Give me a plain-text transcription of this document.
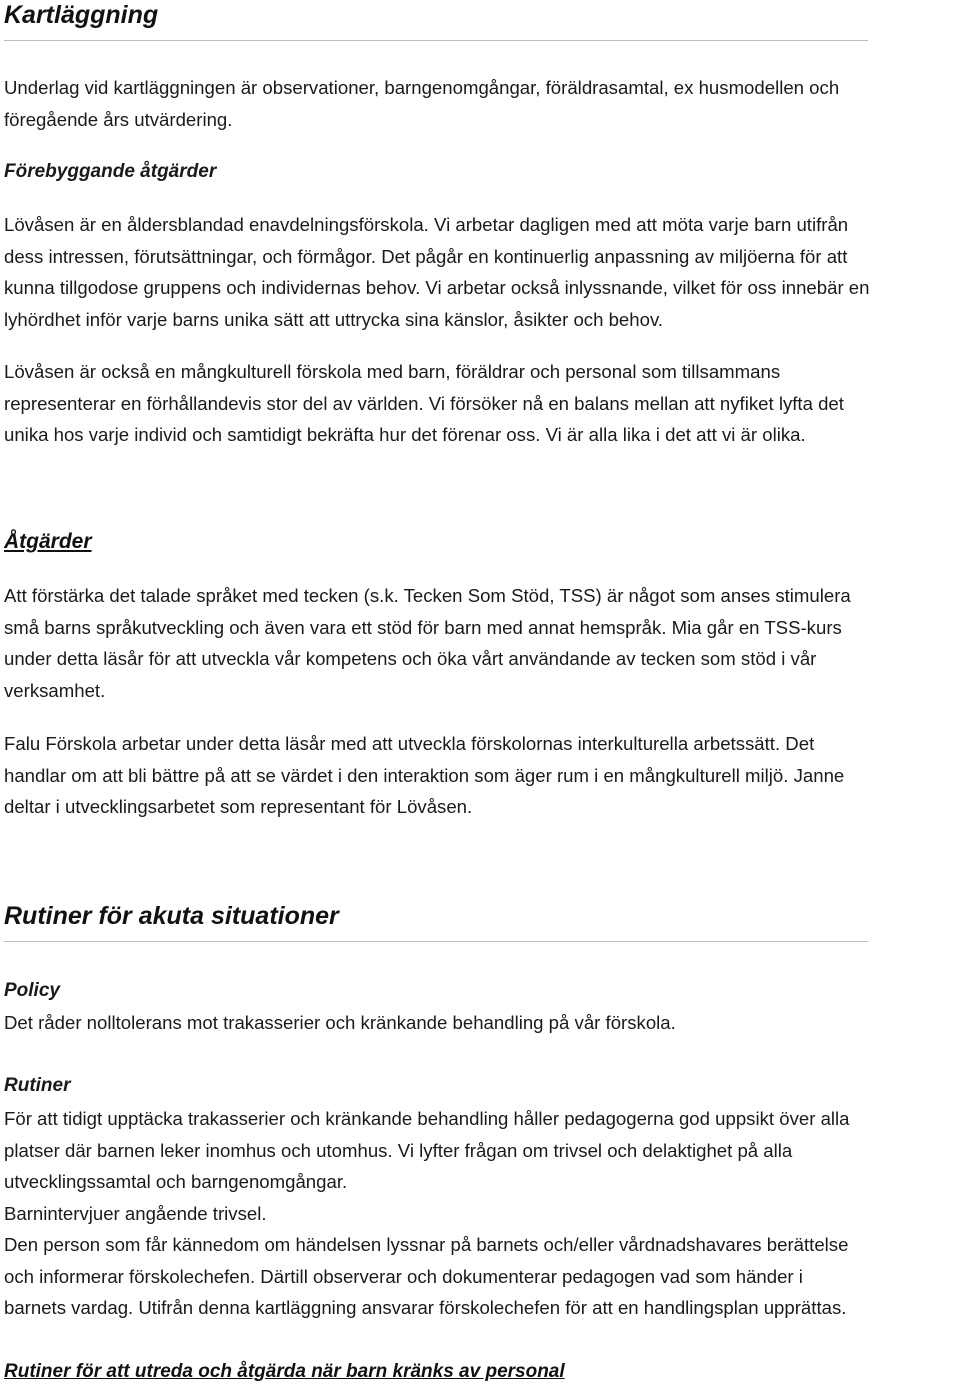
Kartläggning

Underlag vid kartläggningen är observationer, barngenomgångar, föräldrasamtal, ex husmodellen och
föregående års utvärdering.

Förebyggande åtgärder

Lövåsen är en åldersblandad enavdelningsförskola. Vi arbetar dagligen med att möta varje barn utifrån
dess intressen, förutsättningar, och förmågor. Det pågår en kontinuerlig anpassning av miljöerna för att
kunna tillgodose gruppens och individernas behov. Vi arbetar också inlyssnande, vilket för oss innebär en
lyhördhet inför varje barns unika sätt att uttrycka sina känslor, åsikter och behov.

Lövåsen är också en mångkulturell förskola med barn, föräldrar och personal som tillsammans
representerar en förhållandevis stor del av världen. Vi försöker nå en balans mellan att nyfiket lyfta det
unika hos varje individ och samtidigt bekräfta hur det förenar oss. Vi är alla lika i det att vi är olika.

Åtgärder

Att förstärka det talade språket med tecken (s.k. Tecken Som Stöd, TSS) är något som anses stimulera
små barns språkutveckling och även vara ett stöd för barn med annat hemspråk. Mia går en TSS-kurs
under detta läsår för att utveckla vår kompetens och öka vårt användande av tecken som stöd i vår
verksamhet.

Falu Förskola arbetar under detta läsår med att utveckla förskolornas interkulturella arbetssätt. Det
handlar om att bli bättre på att se värdet i den interaktion som äger rum i en mångkulturell miljö. Janne
deltar i utvecklingsarbetet som representant för Lövåsen.

Rutiner för akuta situationer
Policy

Det råder nolltolerans mot trakasserier och kränkande behandling på vår förskola.

Rutiner

För att tidigt upptäcka trakasserier och kränkande behandling håller pedagogerna god uppsikt över alla
platser där barnen leker inomhus och utomhus. Vi lyfter frågan om trivsel och delaktighet på alla
utvecklingssamtal och barngenomgångar.
Barnintervjuer angående trivsel.
Den person som får kännedom om händelsen lyssnar på barnets och/eller vårdnadshavares berättelse
och informerar förskolechefen. Därtill observerar och dokumenterar pedagogen vad som händer i
barnets vardag. Utifrån denna kartläggning ansvarar förskolechefen för att en handlingsplan upprättas.

Rutiner för att utreda och åtgärda när barn kränks av personal
